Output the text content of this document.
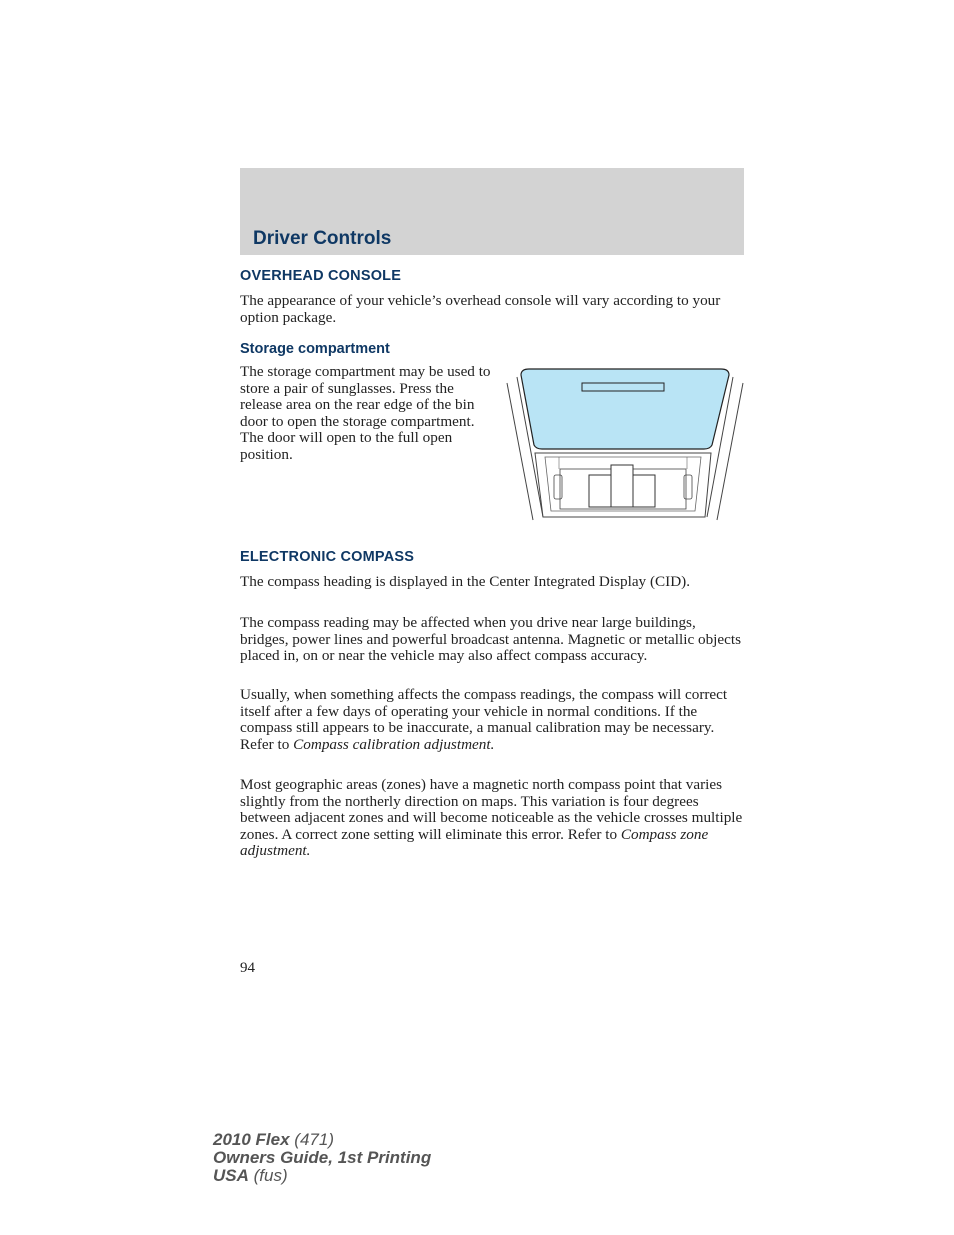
Driver Controls
OVERHEAD CONSOLE
The appearance of your vehicle’s overhead console will vary according to your option package.
Storage compartment
The storage compartment may be used to store a pair of sunglasses. Press the release area on the rear edge of the bin door to open the storage compartment. The door will open to the full open position.
ELECTRONIC COMPASS
The compass heading is displayed in the Center Integrated Display (CID).
The compass reading may be affected when you drive near large buildings, bridges, power lines and powerful broadcast antenna. Magnetic or metallic objects placed in, on or near the vehicle may also affect compass accuracy.
Usually, when something affects the compass readings, the compass will correct itself after a few days of operating your vehicle in normal conditions. If the compass still appears to be inaccurate, a manual calibration may be necessary. Refer to Compass calibration adjustment.
Most geographic areas (zones) have a magnetic north compass point that varies slightly from the northerly direction on maps. This variation is four degrees between adjacent zones and will become noticeable as the vehicle crosses multiple zones. A correct zone setting will eliminate this error. Refer to Compass zone adjustment.
94
2010 Flex (471)
Owners Guide, 1st Printing
USA (fus)
